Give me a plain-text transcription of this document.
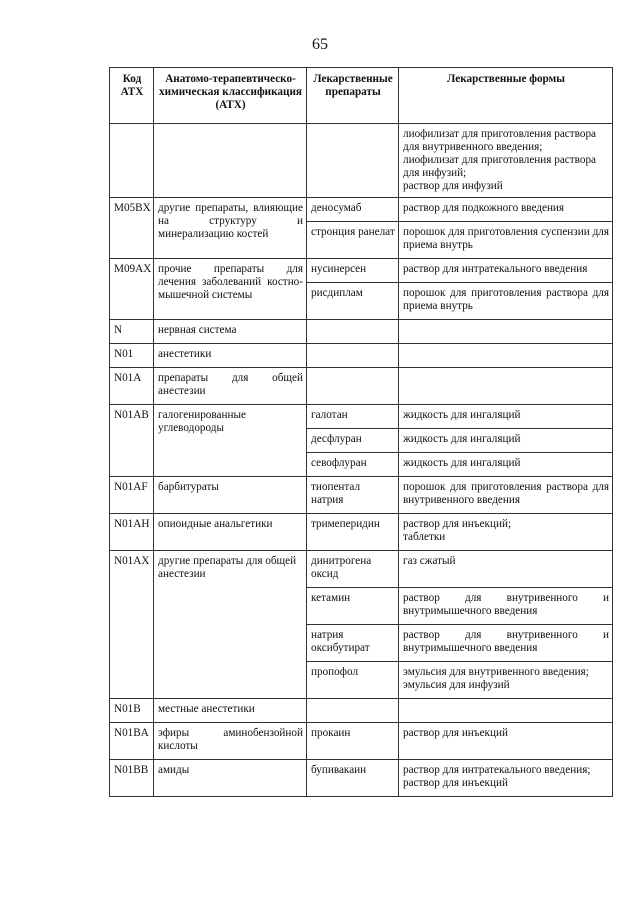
65
Код АТХ	Анатомо-терапевтическо-химическая классификация (АТХ)	Лекарственные препараты	Лекарственные формы

			лиофилизат для приготовления раствора для внутривенного введения;
лиофилизат для приготовления раствора для инфузий;
раствор для инфузий

M05BX	другие препараты, влияющие на структуру и минерализацию костей	деносумаб	раствор для подкожного введения

		стронция ранелат	порошок для приготовления суспензии для приема внутрь

M09AX	прочие препараты для лечения заболеваний костно-мышечной системы	нусинерсен	раствор для интратекального введения

		рисдиплам	порошок для приготовления раствора для приема внутрь

N	нервная система		
N01	анестетики		
N01A	препараты для общей анестезии		
N01AB	галогенированные углеводороды	галотан	жидкость для ингаляций

		десфлуран	жидкость для ингаляций

		севофлуран	жидкость для ингаляций

N01AF	барбитураты	тиопентал натрия	порошок для приготовления раствора для внутривенного введения

N01AH	опиоидные анальгетики	тримеперидин	раствор для инъекций;
таблетки

N01AX	другие препараты для общей анестезии	динитрогена оксид	газ сжатый

		кетамин	раствор для внутривенного и внутримышечного введения

		натрия оксибутират	раствор для внутривенного и внутримышечного введения

		пропофол	эмульсия для внутривенного введения;
эмульсия для инфузий

N01B	местные анестетики		
N01BA	эфиры аминобензойной кислоты	прокаин	раствор для инъекций

N01BB	амиды	бупивакаин	раствор для интратекального введения;
раствор для инъекций
